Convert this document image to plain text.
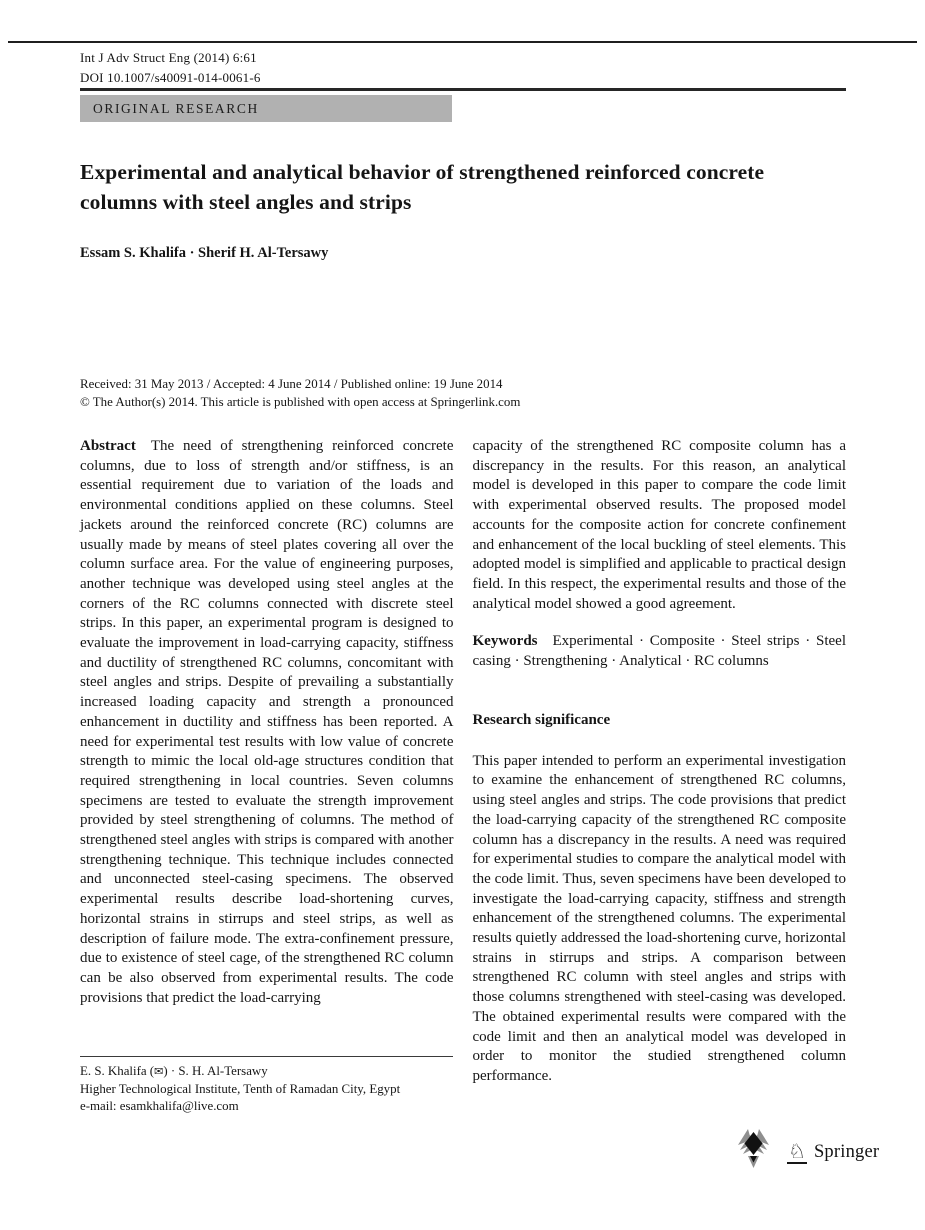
Int J Adv Struct Eng (2014) 6:61
DOI 10.1007/s40091-014-0061-6
ORIGINAL RESEARCH
Experimental and analytical behavior of strengthened reinforced concrete columns with steel angles and strips
Essam S. Khalifa · Sherif H. Al-Tersawy
Received: 31 May 2013 / Accepted: 4 June 2014 / Published online: 19 June 2014
© The Author(s) 2014. This article is published with open access at Springerlink.com

Abstract The need of strengthening reinforced concrete columns, due to loss of strength and/or stiffness, is an essential requirement due to variation of the loads and environmental conditions applied on these columns. Steel jackets around the reinforced concrete (RC) columns are usually made by means of steel plates covering all over the column surface area. For the value of engineering purposes, another technique was developed using steel angles at the corners of the RC columns connected with discrete steel strips. In this paper, an experimental program is designed to evaluate the improvement in load-carrying capacity, stiffness and ductility of strengthened RC columns, concomitant with steel angles and strips. Despite of prevailing a substantially increased loading capacity and strength a pronounced enhancement in ductility and stiffness has been reported. A need for experimental test results with low value of concrete strength to mimic the local old-age structures condition that required strengthening in local countries. Seven columns specimens are tested to evaluate the strength improvement provided by steel strengthening of columns. The method of strengthened steel angles with strips is compared with another strengthening technique. This technique includes connected and unconnected steel-casing specimens. The observed experimental results describe load-shortening curves, horizontal strains in stirrups and steel strips, as well as description of failure mode. The extra-confinement pressure, due to existence of steel cage, of the strengthened RC column can be also observed from experimental results. The code provisions that predict the load-carrying

capacity of the strengthened RC composite column has a discrepancy in the results. For this reason, an analytical model is developed in this paper to compare the code limit with experimental observed results. The proposed model accounts for the composite action for concrete confinement and enhancement of the local buckling of steel elements. This adopted model is simplified and applicable to practical design field. In this respect, the experimental results and those of the analytical model showed a good agreement.

Keywords Experimental · Composite · Steel strips · Steel casing · Strengthening · Analytical · RC columns

Research significance

This paper intended to perform an experimental investigation to examine the enhancement of strengthened RC columns, using steel angles and strips. The code provisions that predict the load-carrying capacity of the strengthened RC composite column has a discrepancy in the results. A need was required for experimental studies to compare the analytical model with the code limit. Thus, seven specimens have been developed to investigate the load-carrying capacity, stiffness and strength enhancement of the strengthened columns. The experimental results quietly addressed the load-shortening curve, horizontal strains in stirrups and strips. A comparison between strengthened RC column with steel angles and strips with those columns strengthened with steel-casing was developed. The obtained experimental results were compared with the code limit and then an analytical model was developed in order to monitor the studied strengthened column performance.

E. S. Khalifa (✉) · S. H. Al-Tersawy
Higher Technological Institute, Tenth of Ramadan City, Egypt
e-mail: esamkhalifa@live.com
♘ Springer
